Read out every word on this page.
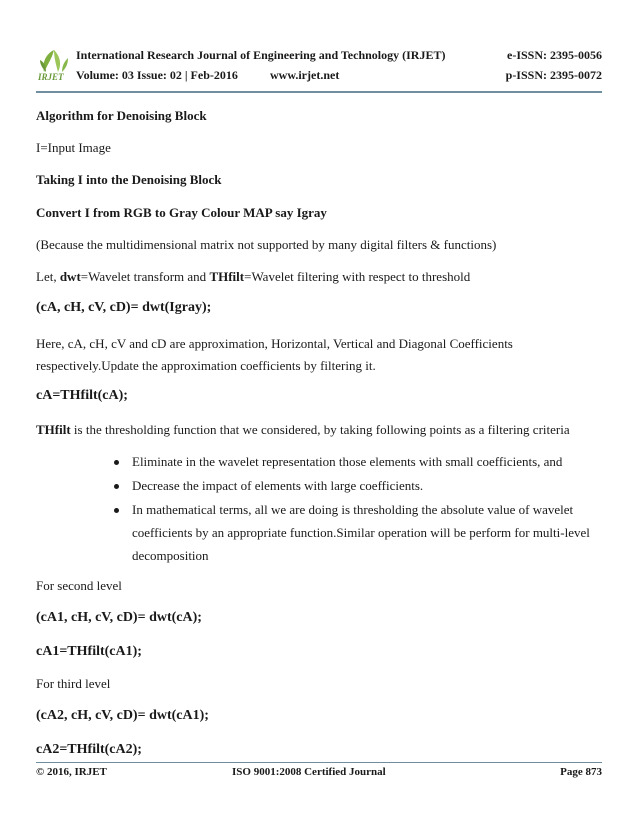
IRJET
International Research Journal of Engineering and Technology (IRJET)	e-ISSN: 2395-0056
Volume: 03 Issue: 02 | Feb-2016	www.irjet.net	p-ISSN: 2395-0072
Algorithm for Denoising Block
I=Input Image
Taking I into the Denoising Block
Convert I from RGB to Gray Colour MAP say Igray
(Because the multidimensional matrix not supported by many digital filters & functions)
Let, dwt=Wavelet transform and THfilt=Wavelet filtering with respect to threshold
(cA, cH, cV, cD)= dwt(Igray);
Here, cA, cH, cV and cD are approximation, Horizontal, Vertical and Diagonal Coefficients
respectively.Update the approximation coefficients by filtering it.
cA=THfilt(cA);
THfilt is the thresholding function that we considered, by taking following points as a filtering criteria
Eliminate in the wavelet representation those elements with small coefficients, and
Decrease the impact of elements with large coefficients.
In mathematical terms, all we are doing is thresholding the absolute value of wavelet
coefficients by an appropriate function.Similar operation will be perform for multi-level
decomposition
For second level
(cA1, cH, cV, cD)= dwt(cA);
cA1=THfilt(cA1);
For third level
(cA2, cH, cV, cD)= dwt(cA1);
cA2=THfilt(cA2);
© 2016, IRJET	ISO 9001:2008 Certified Journal	Page 873
